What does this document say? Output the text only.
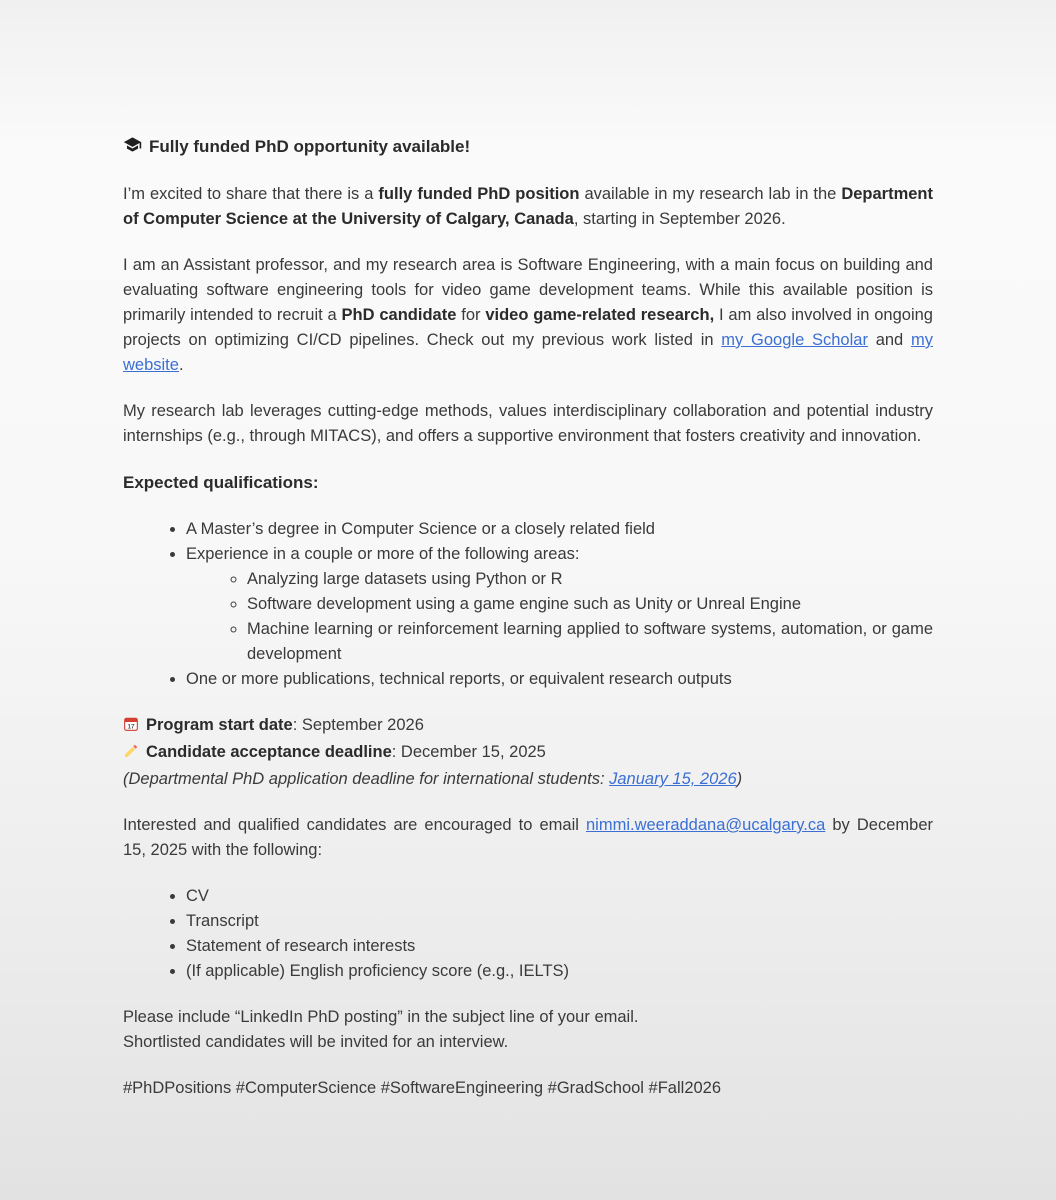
Fully funded PhD opportunity available!

I’m excited to share that there is a fully funded PhD position available in my research lab in the Department of Computer Science at the University of Calgary, Canada, starting in September 2026.

I am an Assistant professor, and my research area is Software Engineering, with a main focus on building and evaluating software engineering tools for video game development teams. While this available position is primarily intended to recruit a PhD candidate for video game-related research, I am also involved in ongoing projects on optimizing CI/CD pipelines. Check out my previous work listed in my Google Scholar and my website.

My research lab leverages cutting-edge methods, values interdisciplinary collaboration and potential industry internships (e.g., through MITACS), and offers a supportive environment that fosters creativity and innovation.

Expected qualifications:
• A Master’s degree in Computer Science or a closely related field
• Experience in a couple or more of the following areas:
◦ Analyzing large datasets using Python or R
◦ Software development using a game engine such as Unity or Unreal Engine
◦ Machine learning or reinforcement learning applied to software systems, automation, or game development
• One or more publications, technical reports, or equivalent research outputs
17 Program start date: September 2026
Candidate acceptance deadline: December 15, 2025
(Departmental PhD application deadline for international students: January 15, 2026)

Interested and qualified candidates are encouraged to email nimmi.weeraddana@ucalgary.ca by December 15, 2025 with the following:

• CV
• Transcript
• Statement of research interests
• (If applicable) English proficiency score (e.g., IELTS)
Please include “LinkedIn PhD posting” in the subject line of your email.
Shortlisted candidates will be invited for an interview.

#PhDPositions #ComputerScience #SoftwareEngineering #GradSchool #Fall2026
